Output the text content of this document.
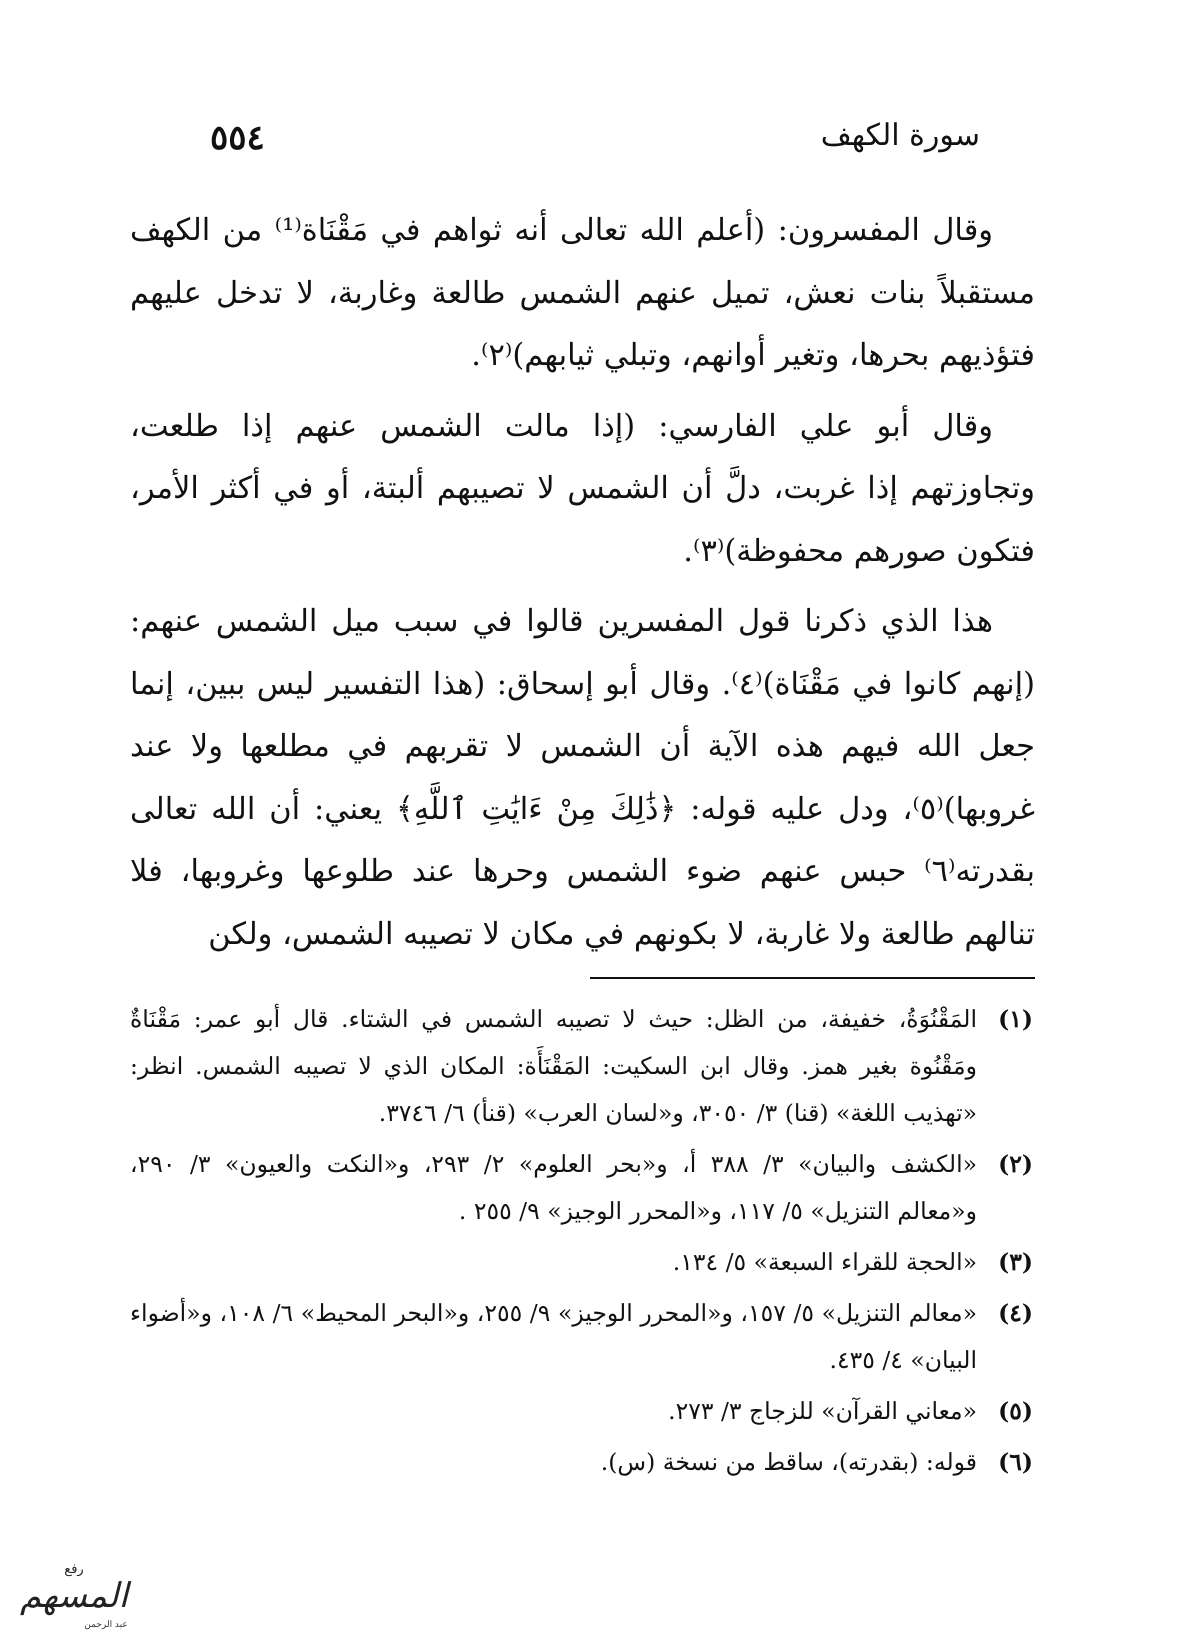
٥٥٤	سورة الكهف

وقال المفسرون: (أعلم الله تعالى أنه ثواهم في مَقْنَاة⁽¹⁾ من الكهف مستقبلاً بنات نعش، تميل عنهم الشمس طالعة وغاربة، لا تدخل عليهم فتؤذيهم بحرها، وتغير أوانهم، وتبلي ثيابهم)⁽٢⁾.

وقال أبو علي الفارسي: (إذا مالت الشمس عنهم إذا طلعت، وتجاوزتهم إذا غربت، دلَّ أن الشمس لا تصيبهم ألبتة، أو في أكثر الأمر، فتكون صورهم محفوظة)⁽٣⁾.

هذا الذي ذكرنا قول المفسرين قالوا في سبب ميل الشمس عنهم: (إنهم كانوا في مَقْنَاة)⁽٤⁾. وقال أبو إسحاق: (هذا التفسير ليس ببين، إنما جعل الله فيهم هذه الآية أن الشمس لا تقربهم في مطلعها ولا عند غروبها)⁽٥⁾، ودل عليه قوله: ﴿ذَٰلِكَ مِنْ ءَايَٰتِ ٱللَّهِ﴾ يعني: أن الله تعالى بقدرته⁽٦⁾ حبس عنهم ضوء الشمس وحرها عند طلوعها وغروبها، فلا تنالهم طالعة ولا غاربة، لا بكونهم في مكان لا تصيبه الشمس، ولكن

(١)
المَقْنُوَةُ، خفيفة، من الظل: حيث لا تصيبه الشمس في الشتاء. قال أبو عمر: مَقْنَاةٌ ومَقْنُوة بغير همز. وقال ابن السكيت: المَقْنَأَة: المكان الذي لا تصيبه الشمس. انظر: «تهذيب اللغة» (قنا) ٣/ ٣٠٥٠، و«لسان العرب» (قنأ) ٦/ ٣٧٤٦.
(٢)
«الكشف والبيان» ٣/ ٣٨٨ أ، و«بحر العلوم» ٢/ ٢٩٣، و«النكت والعيون» ٣/ ٢٩٠، و«معالم التنزيل» ٥/ ١١٧، و«المحرر الوجيز» ٩/ ٢٥٥ .
(٣)
«الحجة للقراء السبعة» ٥/ ١٣٤.
(٤)
«معالم التنزيل» ٥/ ١٥٧، و«المحرر الوجيز» ٩/ ٢٥٥، و«البحر المحيط» ٦/ ١٠٨، و«أضواء البيان» ٤/ ٤٣٥.
(٥)
«معاني القرآن» للزجاج ٣/ ٢٧٣.
(٦)
قوله: (بقدرته)، ساقط من نسخة (س).
رفع
المسهم
عبد الرحمن
